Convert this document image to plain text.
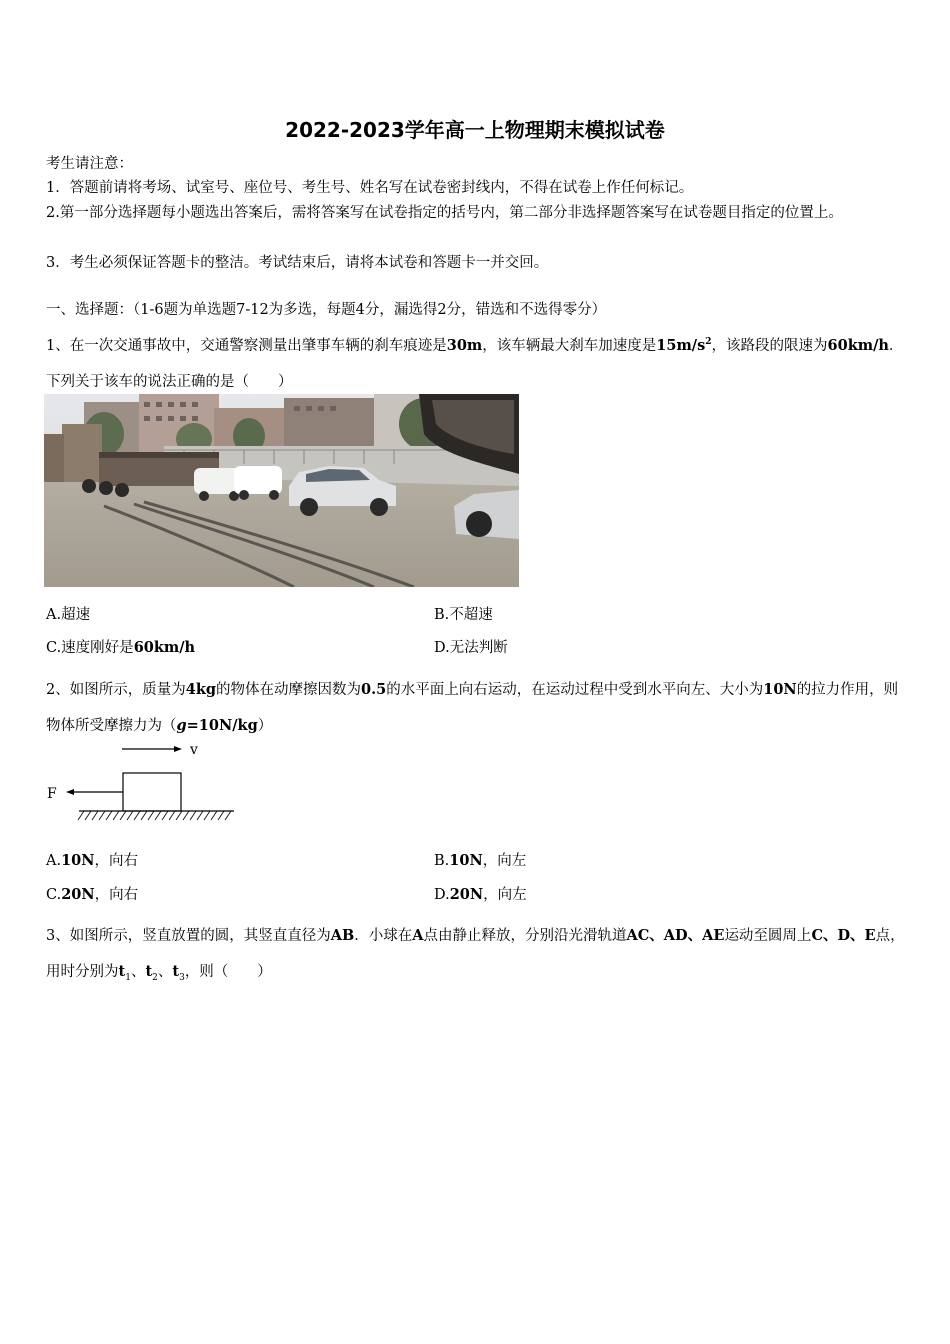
2022-2023学年高一上物理期末模拟试卷
考生请注意：
1．答题前请将考场、试室号、座位号、考生号、姓名写在试卷密封线内，不得在试卷上作任何标记。
2.第一部分选择题每小题选出答案后，需将答案写在试卷指定的括号内，第二部分非选择题答案写在试卷题目指定的位置上。
3．考生必须保证答题卡的整洁。考试结束后，请将本试卷和答题卡一并交回。
一、选择题：（1-6题为单选题7-12为多选，每题4分，漏选得2分，错选和不选得零分）
1、在一次交通事故中，交通警察测量出肇事车辆的刹车痕迹是30m，该车辆最大刹车加速度是$15m/s^2$，该路段的限速为60km/h．下列关于该车的说法正确的是（　　）
A.超速	B.不超速
C.速度刚好是60km/h	D.无法判断
2、如图所示，质量为4kg的物体在动摩擦因数为0.5的水平面上向右运动，在运动过程中受到水平向左、大小为10N的拉力作用，则物体所受摩擦力为（g=10N/kg）
v
F
A.10N，向右	B.10N，向左
C.20N，向右	D.20N，向左
3、如图所示，竖直放置的圆，其竖直直径为AB．小球在A点由静止释放，分别沿光滑轨道AC、AD、AE运动至圆周上C、D、E点，用时分别为$t_1$、$t_2$、$t_3$，则（　　）
